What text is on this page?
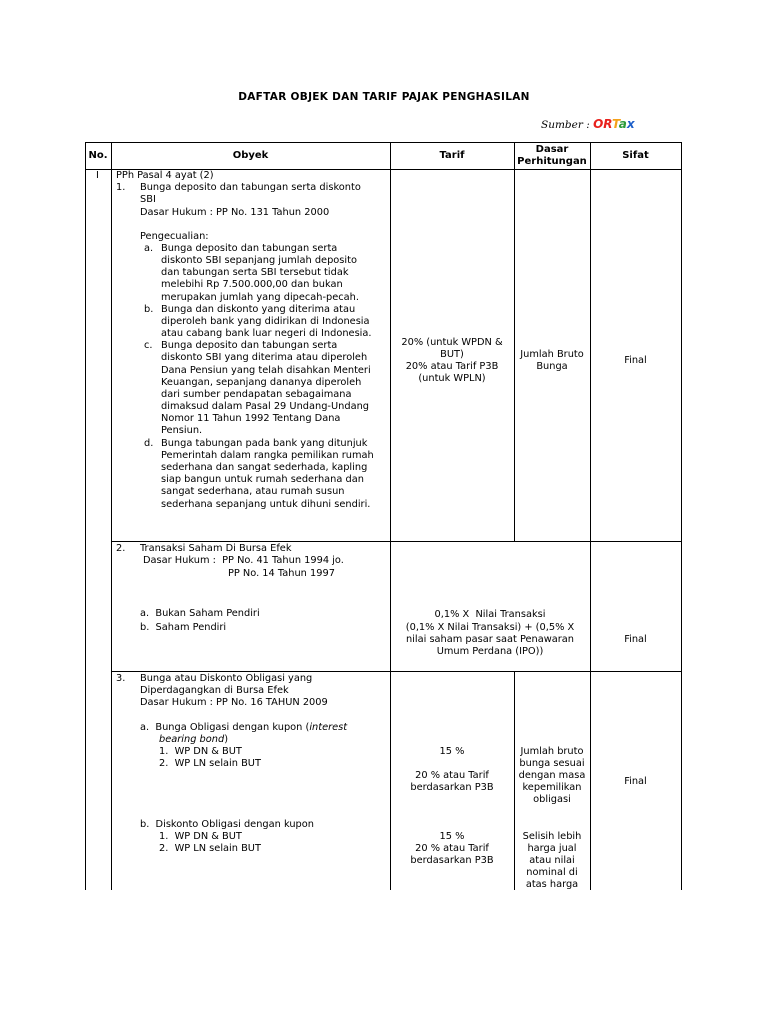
DAFTAR OBJEK DAN TARIF PAJAK PENGHASILAN
Sumber : ORTax
No.	Obyek	Tarif
Dasar
Perhitungan
Sifat
I PPh Pasal 4 ayat (2)
1. Bunga deposito dan tabungan serta diskonto
SBI
Dasar Hukum : PP No. 131 Tahun 2000
Pengecualian:
a. Bunga deposito dan tabungan serta
diskonto SBI sepanjang jumlah deposito
dan tabungan serta SBI tersebut tidak
melebihi Rp 7.500.000,00 dan bukan
merupakan jumlah yang dipecah-pecah.
b. Bunga dan diskonto yang diterima atau
diperoleh bank yang didirikan di Indonesia
atau cabang bank luar negeri di Indonesia.
c. Bunga deposito dan tabungan serta
diskonto SBI yang diterima atau diperoleh
Dana Pensiun yang telah disahkan Menteri
Keuangan, sepanjang dananya diperoleh
dari sumber pendapatan sebagaimana
dimaksud dalam Pasal 29 Undang-Undang
Nomor 11 Tahun 1992 Tentang Dana
Pensiun.
d. Bunga tabungan pada bank yang ditunjuk
Pemerintah dalam rangka pemilikan rumah
sederhana dan sangat sederhada, kapling
siap bangun untuk rumah sederhana dan
sangat sederhana, atau rumah susun
sederhana sepanjang untuk dihuni sendiri.
20% (untuk WPDN &
BUT)
20% atau Tarif P3B
(untuk WPLN)
Jumlah Bruto
Bunga
Final
2. Transaksi Saham Di Bursa Efek
Dasar Hukum :  PP No. 41 Tahun 1994 jo.
PP No. 14 Tahun 1997
a.  Bukan Saham Pendiri
b.  Saham Pendiri
0,1% X  Nilai Transaksi
(0,1% X Nilai Transaksi) + (0,5% X
nilai saham pasar saat Penawaran
Umum Perdana (IPO))
Final
3. Bunga atau Diskonto Obligasi yang
Diperdagangkan di Bursa Efek
Dasar Hukum : PP No. 16 TAHUN 2009
a.  Bunga Obligasi dengan kupon (interest
bearing bond)
1.  WP DN & BUT
2.  WP LN selain BUT
15 %
20 % atau Tarif
berdasarkan P3B
Jumlah bruto
bunga sesuai
dengan masa
kepemilikan
obligasi
Final
b.  Diskonto Obligasi dengan kupon
1.  WP DN & BUT
2.  WP LN selain BUT
15 %
20 % atau Tarif
berdasarkan P3B
Selisih lebih
harga jual
atau nilai
nominal di
atas harga
